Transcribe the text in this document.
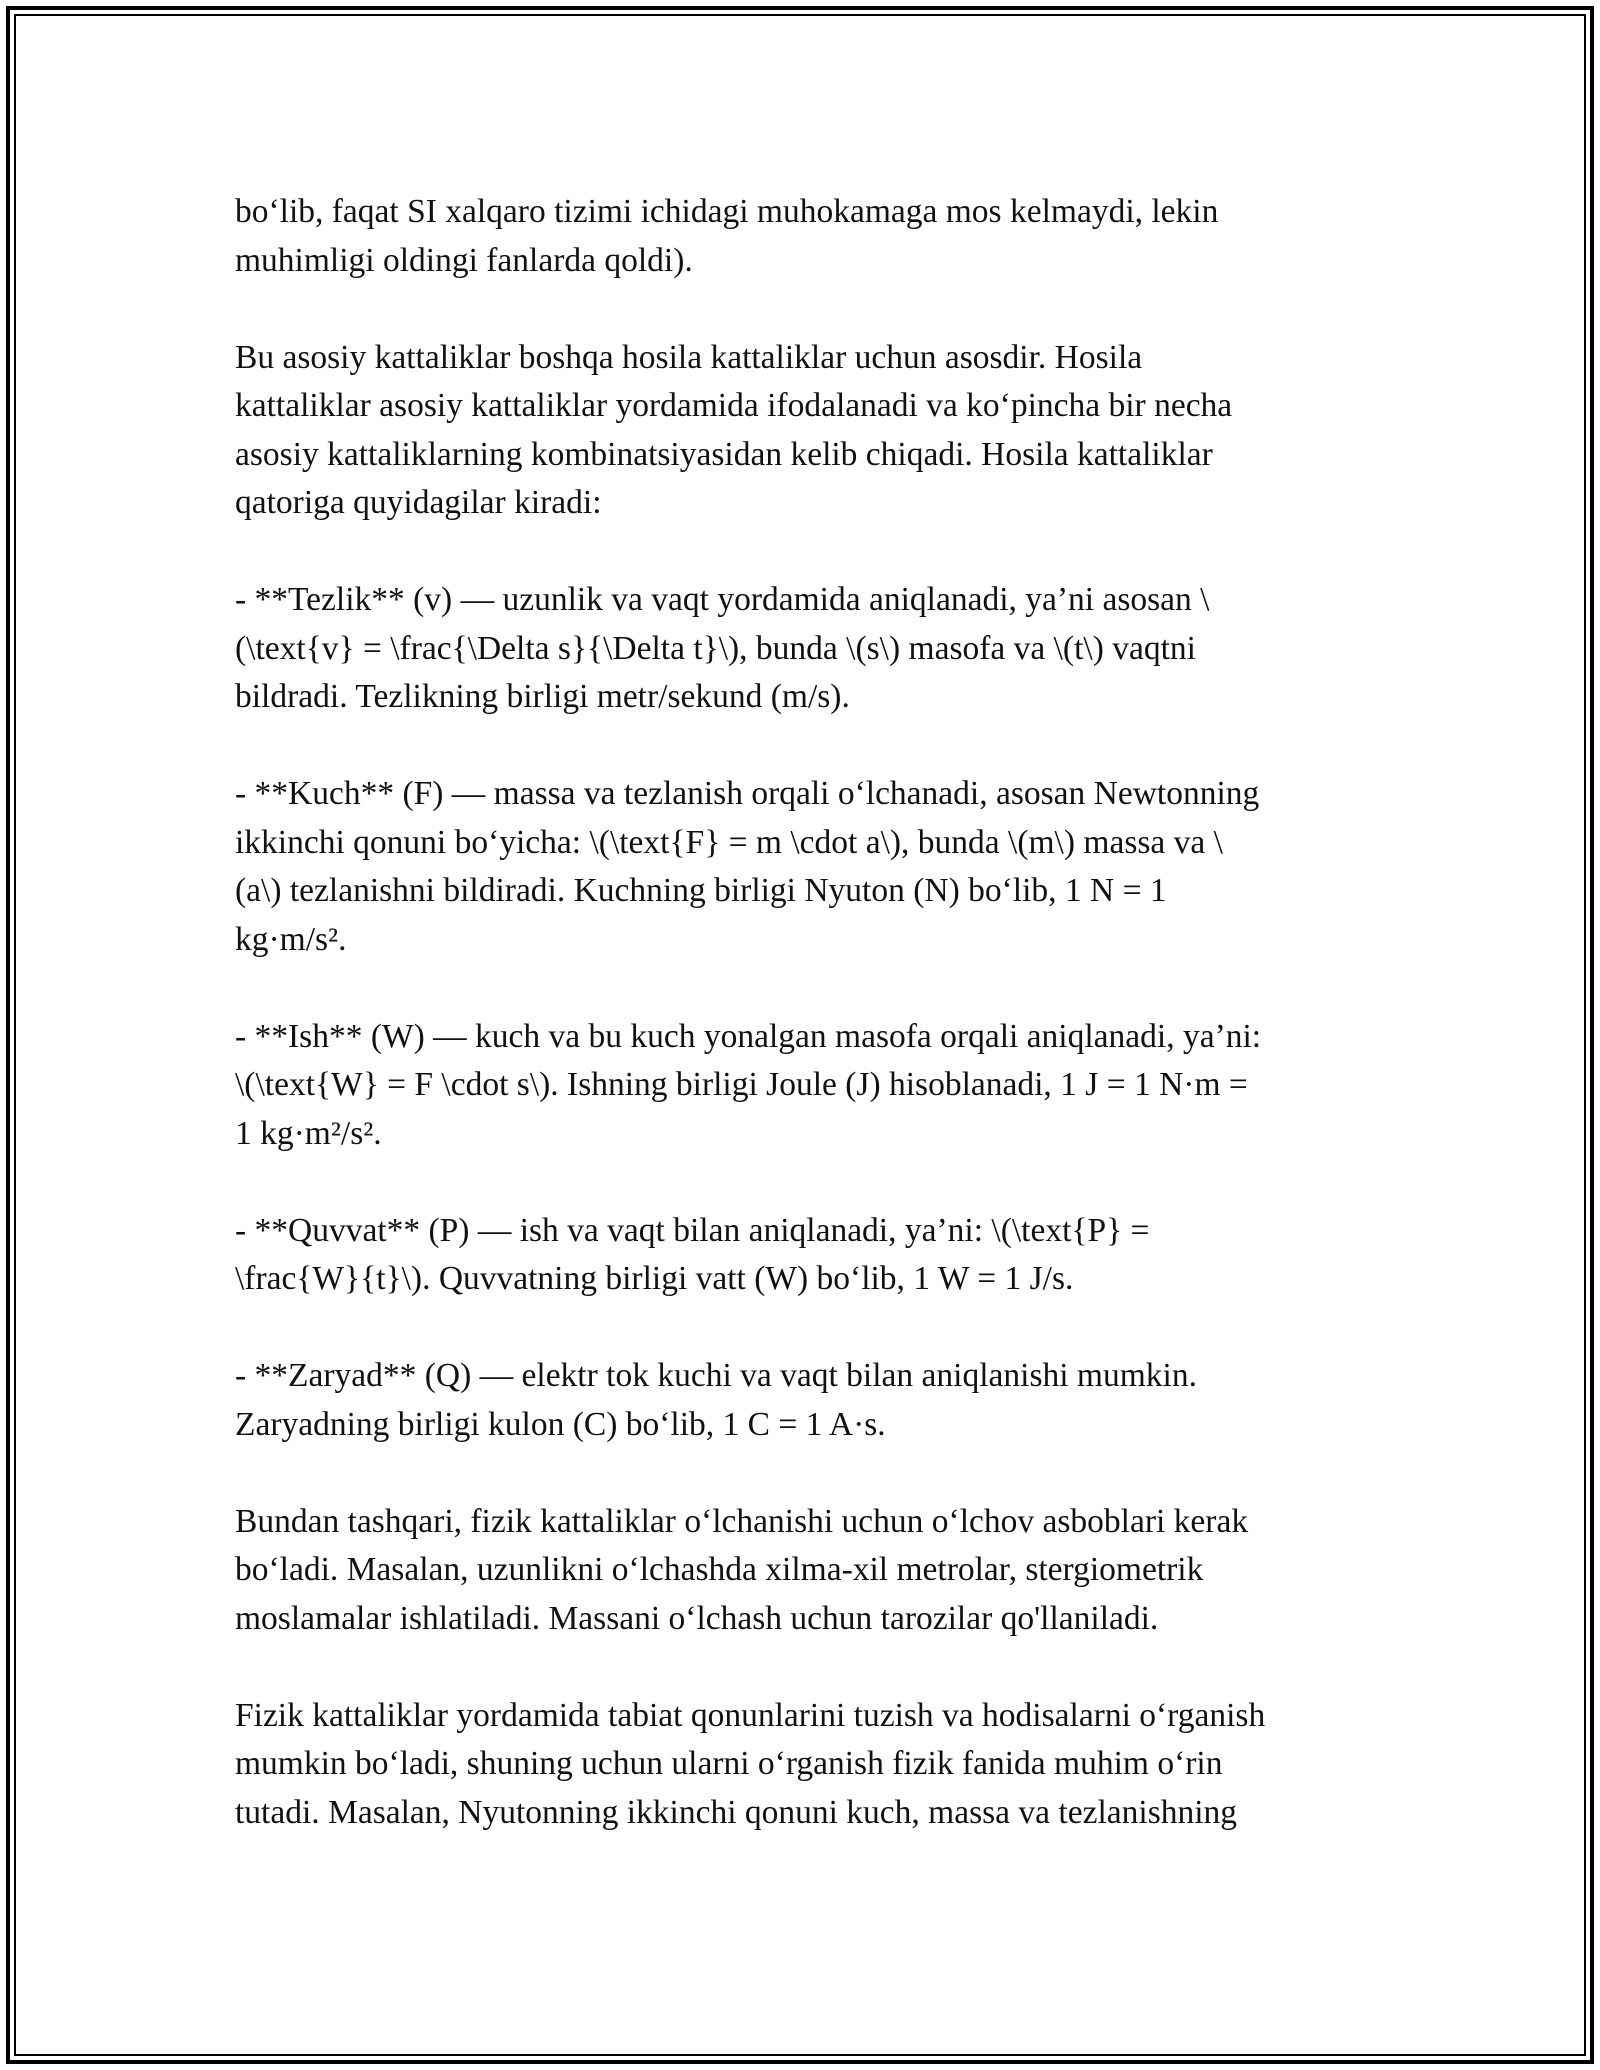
bo‘lib, faqat SI xalqaro tizimi ichidagi muhokamaga mos kelmaydi, lekin
muhimligi oldingi fanlarda qoldi).

Bu asosiy kattaliklar boshqa hosila kattaliklar uchun asosdir. Hosila
kattaliklar asosiy kattaliklar yordamida ifodalanadi va ko‘pincha bir necha
asosiy kattaliklarning kombinatsiyasidan kelib chiqadi. Hosila kattaliklar
qatoriga quyidagilar kiradi:

- **Tezlik** (v) — uzunlik va vaqt yordamida aniqlanadi, ya’ni asosan \
(\text{v} = \frac{\Delta s}{\Delta t}\), bunda \(s\) masofa va \(t\) vaqtni
bildradi. Tezlikning birligi metr/sekund (m/s).

- **Kuch** (F) — massa va tezlanish orqali o‘lchanadi, asosan Newtonning
ikkinchi qonuni bo‘yicha: \(\text{F} = m \cdot a\), bunda \(m\) massa va \
(a\) tezlanishni bildiradi. Kuchning birligi Nyuton (N) bo‘lib, 1 N = 1
kg·m/s².

- **Ish** (W) — kuch va bu kuch yonalgan masofa orqali aniqlanadi, ya’ni:
\(\text{W} = F \cdot s\). Ishning birligi Joule (J) hisoblanadi, 1 J = 1 N·m =
1 kg·m²/s².

- **Quvvat** (P) — ish va vaqt bilan aniqlanadi, ya’ni: \(\text{P} =
\frac{W}{t}\). Quvvatning birligi vatt (W) bo‘lib, 1 W = 1 J/s.

- **Zaryad** (Q) — elektr tok kuchi va vaqt bilan aniqlanishi mumkin.
Zaryadning birligi kulon (C) bo‘lib, 1 C = 1 A·s.

Bundan tashqari, fizik kattaliklar o‘lchanishi uchun o‘lchov asboblari kerak
bo‘ladi. Masalan, uzunlikni o‘lchashda xilma-xil metrolar, stergiometrik
moslamalar ishlatiladi. Massani o‘lchash uchun tarozilar qo'llaniladi.

Fizik kattaliklar yordamida tabiat qonunlarini tuzish va hodisalarni o‘rganish
mumkin bo‘ladi, shuning uchun ularni o‘rganish fizik fanida muhim o‘rin
tutadi. Masalan, Nyutonning ikkinchi qonuni kuch, massa va tezlanishning
